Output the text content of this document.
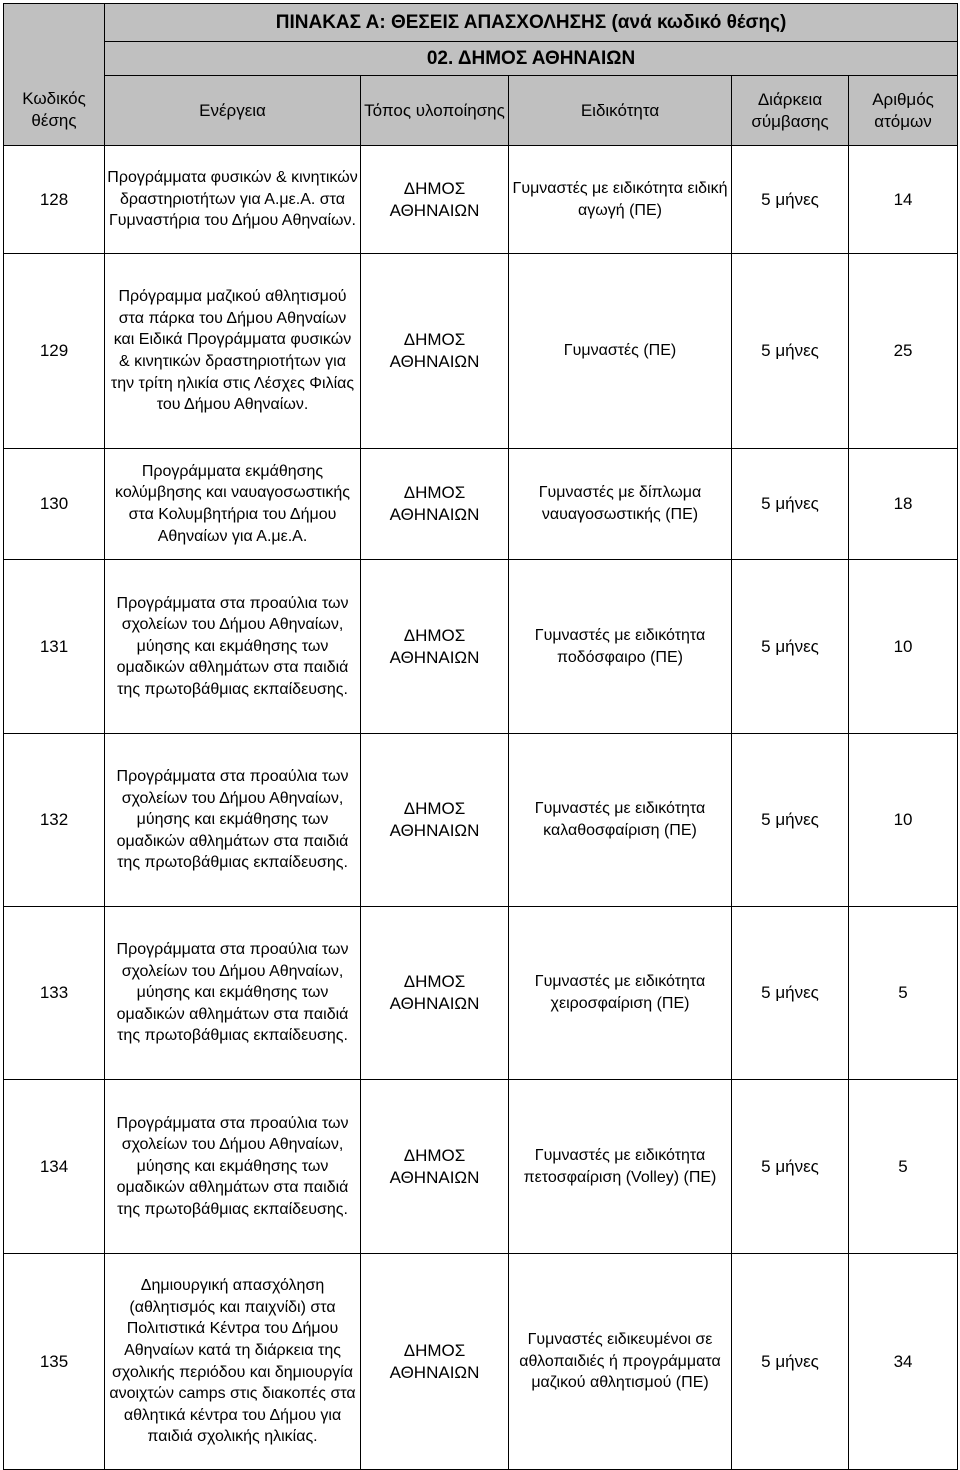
	ΠΙΝΑΚΑΣ Α: ΘΕΣΕΙΣ ΑΠΑΣΧΟΛΗΣΗΣ (ανά κωδικό θέσης)				
	02. ΔΗΜΟΣ ΑΘΗΝΑΙΩΝ				
Κωδικός θέσης	Ενέργεια	Τόπος υλοποίησης	Ειδικότητα	Διάρκεια σύμβασης	Αριθμός ατόμων
128	Προγράμματα φυσικών & κινητικών δραστηριοτήτων για Α.με.Α. στα Γυμναστήρια του Δήμου Αθηναίων.	ΔΗΜΟΣ ΑΘΗΝΑΙΩΝ	Γυμναστές με ειδικότητα ειδική αγωγή (ΠΕ)	5 μήνες	14
129	Πρόγραμμα μαζικού αθλητισμού στα πάρκα του Δήμου Αθηναίων και Ειδικά Προγράμματα φυσικών & κινητικών δραστηριοτήτων για την τρίτη ηλικία στις Λέσχες Φιλίας του Δήμου Αθηναίων.	ΔΗΜΟΣ ΑΘΗΝΑΙΩΝ	Γυμναστές (ΠΕ)	5 μήνες	25
130	Προγράμματα εκμάθησης κολύμβησης και ναυαγοσωστικής στα Κολυμβητήρια του Δήμου Αθηναίων για Α.με.Α.	ΔΗΜΟΣ ΑΘΗΝΑΙΩΝ	Γυμναστές με δίπλωμα ναυαγοσωστικής (ΠΕ)	5 μήνες	18
131	Προγράμματα στα προαύλια των σχολείων του Δήμου Αθηναίων, μύησης και εκμάθησης των ομαδικών αθλημάτων στα παιδιά της πρωτοβάθμιας εκπαίδευσης.	ΔΗΜΟΣ ΑΘΗΝΑΙΩΝ	Γυμναστές με ειδικότητα ποδόσφαιρο (ΠΕ)	5 μήνες	10
132	Προγράμματα στα προαύλια των σχολείων του Δήμου Αθηναίων, μύησης και εκμάθησης των ομαδικών αθλημάτων στα παιδιά της πρωτοβάθμιας εκπαίδευσης.	ΔΗΜΟΣ ΑΘΗΝΑΙΩΝ	Γυμναστές με ειδικότητα καλαθοσφαίριση (ΠΕ)	5 μήνες	10
133	Προγράμματα στα προαύλια των σχολείων του Δήμου Αθηναίων, μύησης και εκμάθησης των ομαδικών αθλημάτων στα παιδιά της πρωτοβάθμιας εκπαίδευσης.	ΔΗΜΟΣ ΑΘΗΝΑΙΩΝ	Γυμναστές με ειδικότητα χειροσφαίριση (ΠΕ)	5 μήνες	5
134	Προγράμματα στα προαύλια των σχολείων του Δήμου Αθηναίων, μύησης και εκμάθησης των ομαδικών αθλημάτων στα παιδιά της πρωτοβάθμιας εκπαίδευσης.	ΔΗΜΟΣ ΑΘΗΝΑΙΩΝ	Γυμναστές με ειδικότητα πετοσφαίριση (Volley) (ΠΕ)	5 μήνες	5
135	Δημιουργική απασχόληση (αθλητισμός και παιχνίδι) στα Πολιτιστικά Κέντρα του Δήμου Αθηναίων κατά τη διάρκεια της σχολικής περιόδου και δημιουργία ανοιχτών camps στις διακοπές στα αθλητικά κέντρα του Δήμου για παιδιά σχολικής ηλικίας.	ΔΗΜΟΣ ΑΘΗΝΑΙΩΝ	Γυμναστές ειδικευμένοι σε αθλοπαιδιές ή προγράμματα μαζικού αθλητισμού (ΠΕ)	5 μήνες	34
